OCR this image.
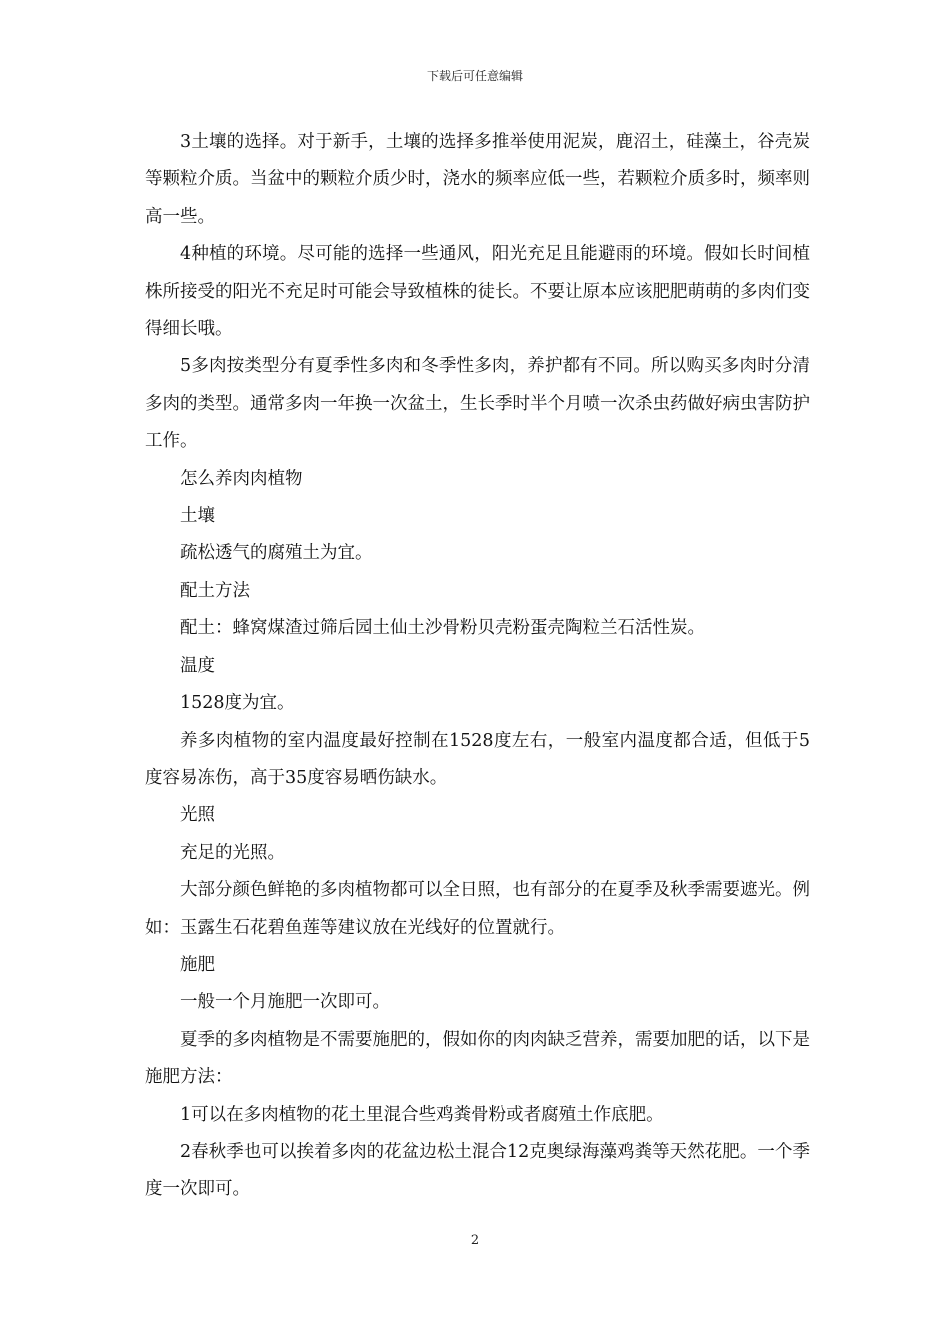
下载后可任意编辑

3土壤的选择。对于新手，土壤的选择多推举使用泥炭，鹿沼土，硅藻土，谷壳炭等颗粒介质。当盆中的颗粒介质少时，浇水的频率应低一些，若颗粒介质多时，频率则高一些。

4种植的环境。尽可能的选择一些通风，阳光充足且能避雨的环境。假如长时间植株所接受的阳光不充足时可能会导致植株的徒长。不要让原本应该肥肥萌萌的多肉们变得细长哦。

5多肉按类型分有夏季性多肉和冬季性多肉，养护都有不同。所以购买多肉时分清多肉的类型。通常多肉一年换一次盆土，生长季时半个月喷一次杀虫药做好病虫害防护工作。

怎么养肉肉植物

土壤

疏松透气的腐殖土为宜。

配土方法

配土：蜂窝煤渣过筛后园土仙土沙骨粉贝壳粉蛋壳陶粒兰石活性炭。

温度

1528度为宜。

养多肉植物的室内温度最好控制在1528度左右，一般室内温度都合适，但低于5度容易冻伤，高于35度容易晒伤缺水。

光照

充足的光照。

大部分颜色鲜艳的多肉植物都可以全日照，也有部分的在夏季及秋季需要遮光。例如：玉露生石花碧鱼莲等建议放在光线好的位置就行。

施肥

一般一个月施肥一次即可。

夏季的多肉植物是不需要施肥的，假如你的肉肉缺乏营养，需要加肥的话，以下是施肥方法：

1可以在多肉植物的花土里混合些鸡粪骨粉或者腐殖土作底肥。

2春秋季也可以挨着多肉的花盆边松土混合12克奥绿海藻鸡粪等天然花肥。一个季度一次即可。

2
